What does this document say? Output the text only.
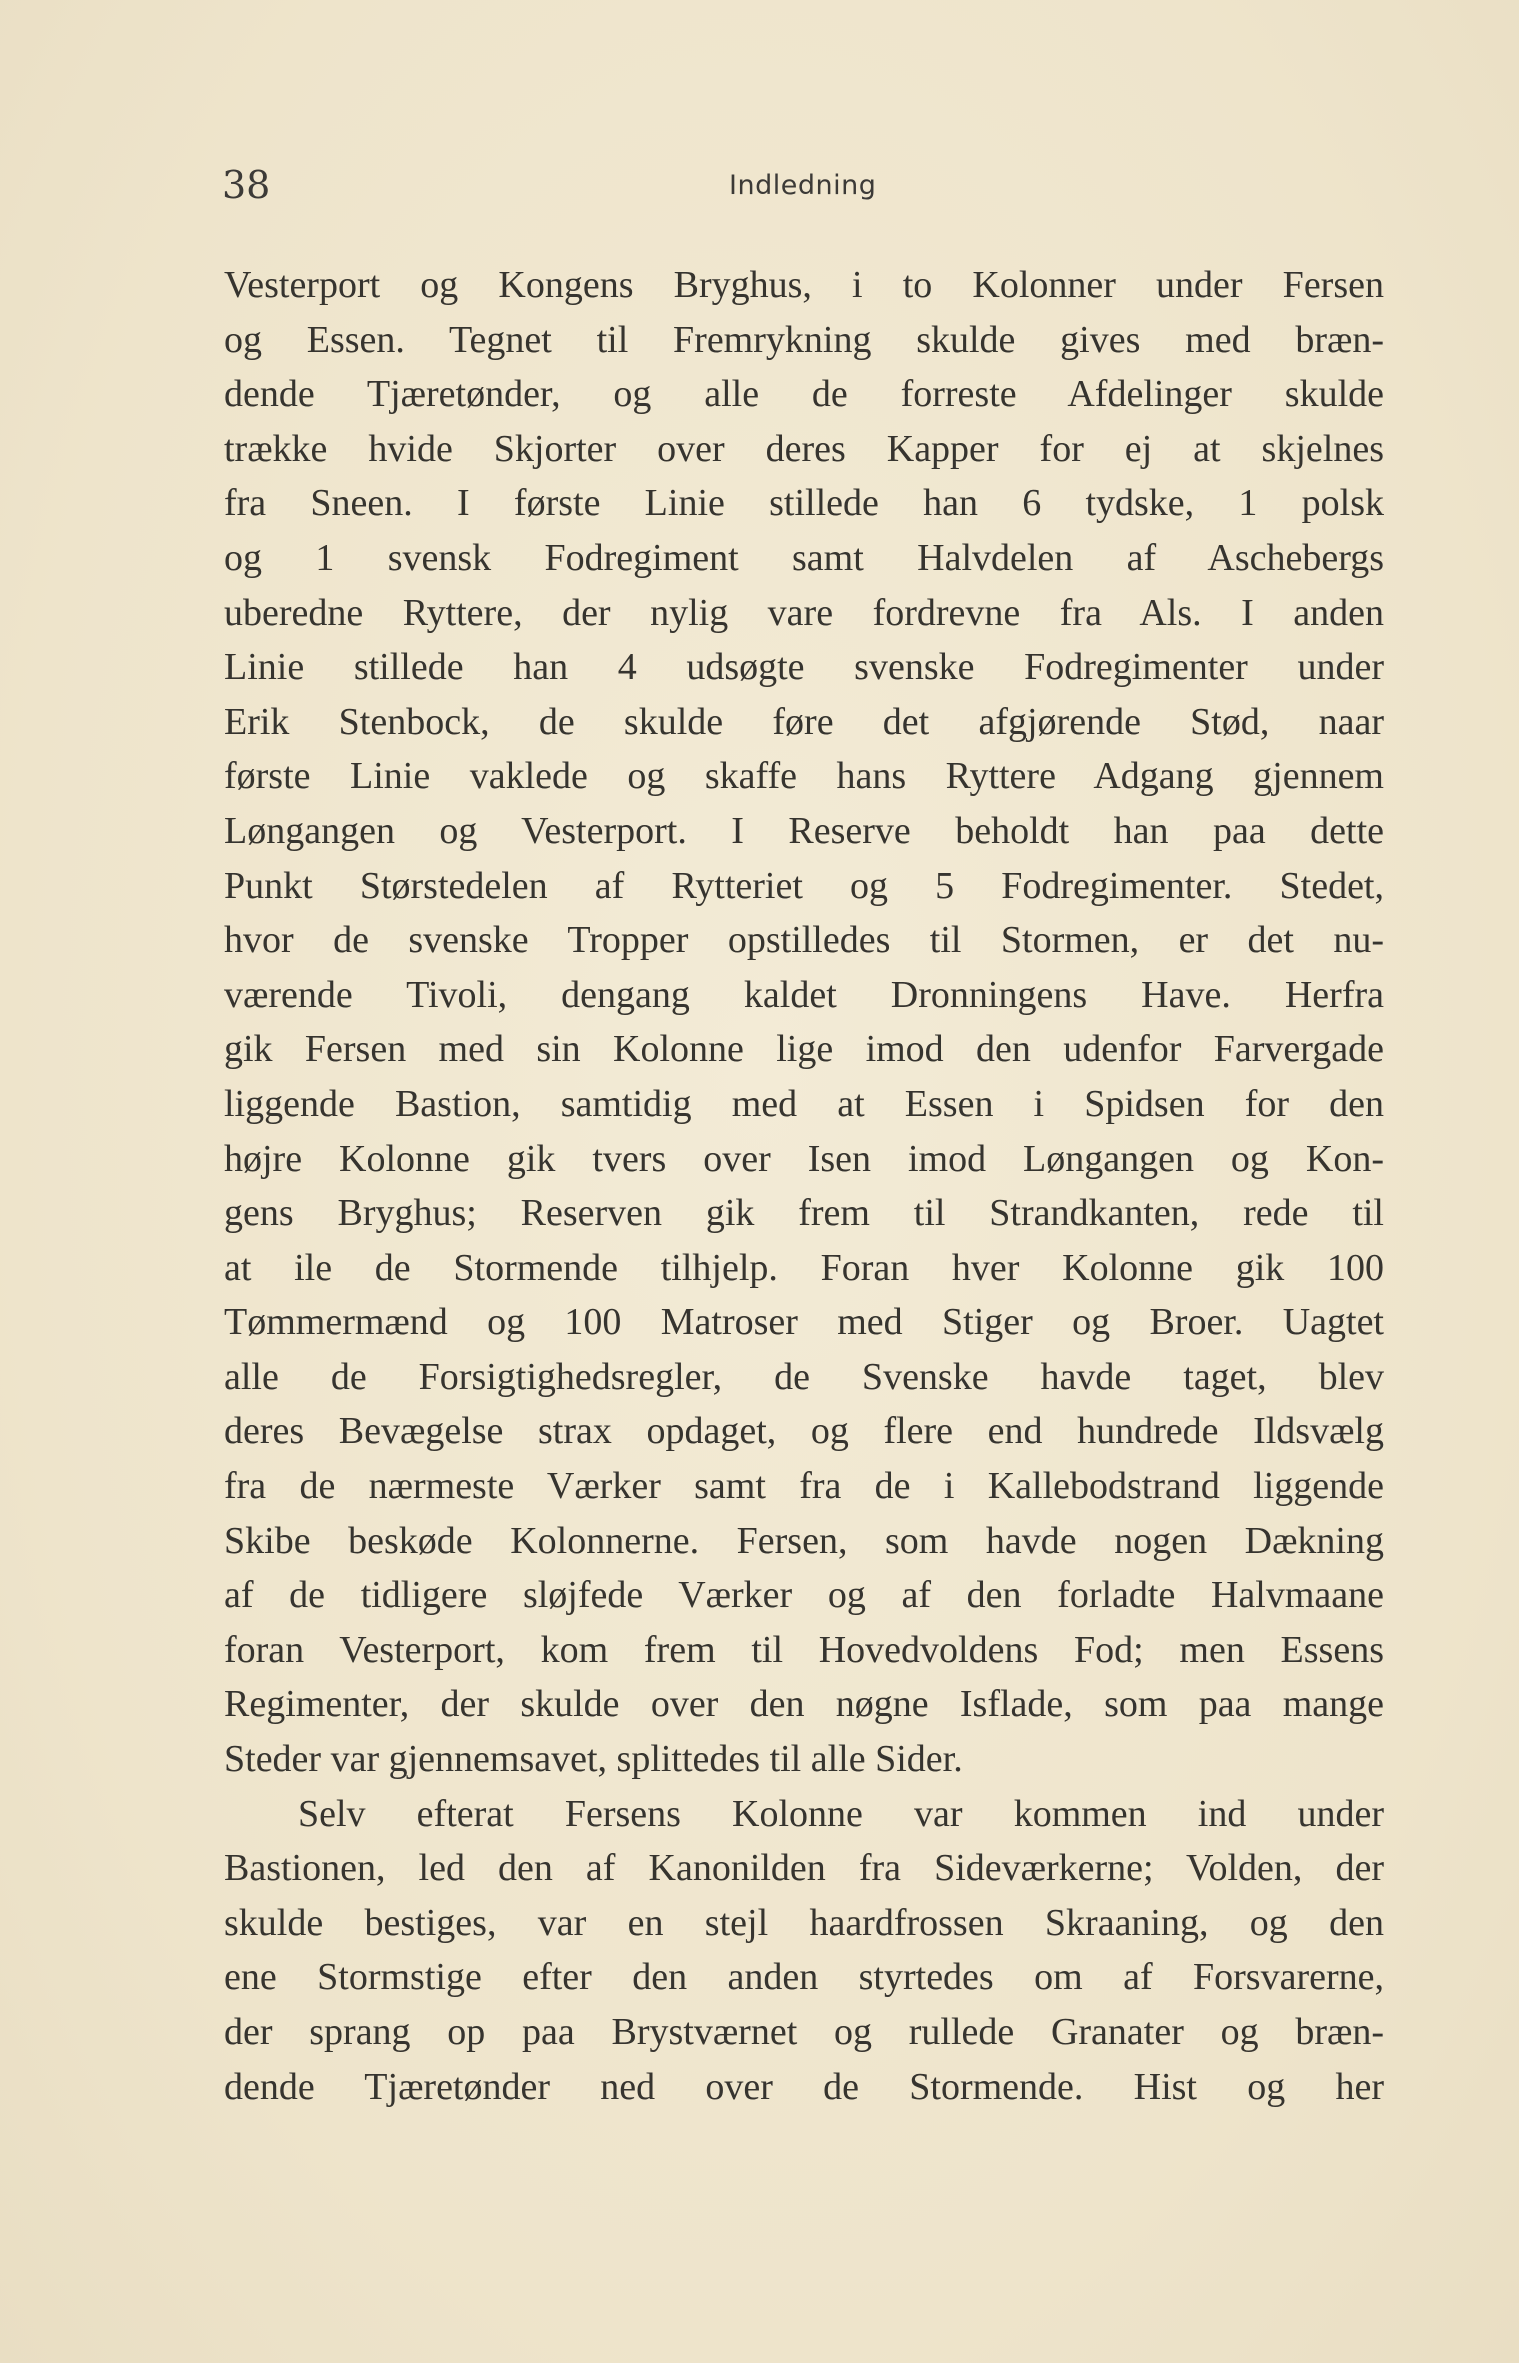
38	Indledning
Vesterport og Kongens Bryghus, i to Kolonner under Fersen
og Essen. Tegnet til Fremrykning skulde gives med bræn-
dende Tjæretønder, og alle de forreste Afdelinger skulde
trække hvide Skjorter over deres Kapper for ej at skjelnes
fra Sneen. I første Linie stillede han 6 tydske, 1 polsk
og 1 svensk Fodregiment samt Halvdelen af Aschebergs
uberedne Ryttere, der nylig vare fordrevne fra Als. I anden
Linie stillede han 4 udsøgte svenske Fodregimenter under
Erik Stenbock, de skulde føre det afgjørende Stød, naar
første Linie vaklede og skaffe hans Ryttere Adgang gjennem
Løngangen og Vesterport. I Reserve beholdt han paa dette
Punkt Størstedelen af Rytteriet og 5 Fodregimenter. Stedet,
hvor de svenske Tropper opstilledes til Stormen, er det nu-
værende Tivoli, dengang kaldet Dronningens Have. Herfra
gik Fersen med sin Kolonne lige imod den udenfor Farvergade
liggende Bastion, samtidig med at Essen i Spidsen for den
højre Kolonne gik tvers over Isen imod Løngangen og Kon-
gens Bryghus; Reserven gik frem til Strandkanten, rede til
at ile de Stormende tilhjelp. Foran hver Kolonne gik 100
Tømmermænd og 100 Matroser med Stiger og Broer. Uagtet
alle de Forsigtighedsregler, de Svenske havde taget, blev
deres Bevægelse strax opdaget, og flere end hundrede Ildsvælg
fra de nærmeste Værker samt fra de i Kallebodstrand liggende
Skibe beskøde Kolonnerne. Fersen, som havde nogen Dækning
af de tidligere sløjfede Værker og af den forladte Halvmaane
foran Vesterport, kom frem til Hovedvoldens Fod; men Essens
Regimenter, der skulde over den nøgne Isflade, som paa mange
Steder var gjennemsavet, splittedes til alle Sider.
Selv efterat Fersens Kolonne var kommen ind under
Bastionen, led den af Kanonilden fra Sideværkerne; Volden, der
skulde bestiges, var en stejl haardfrossen Skraaning, og den
ene Stormstige efter den anden styrtedes om af Forsvarerne,
der sprang op paa Brystværnet og rullede Granater og bræn-
dende Tjæretønder ned over de Stormende. Hist og her
